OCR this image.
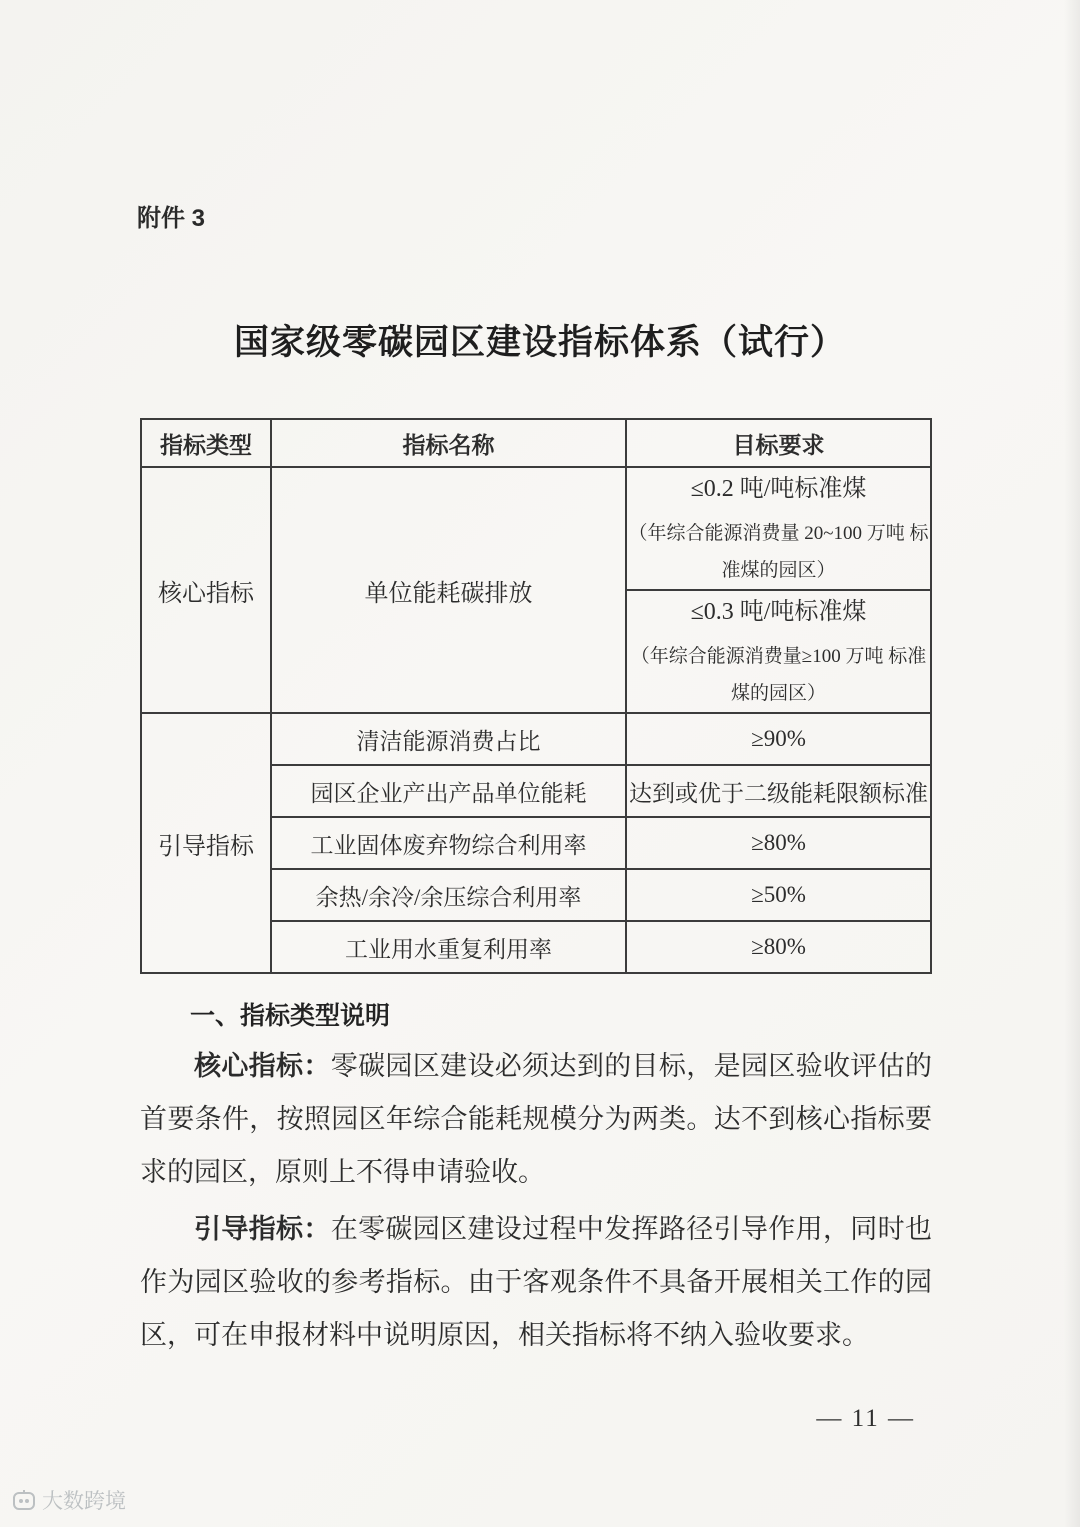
附件 3
国家级零碳园区建设指标体系（试行）
指标类型	指标名称	目标要求
核心指标	单位能耗碳排放	≤0.2 吨/吨标准煤
（年综合能源消费量 20~100 万吨 标准煤的园区）

		≤0.3 吨/吨标准煤
（年综合能源消费量≥100 万吨 标准煤的园区）

引导指标	清洁能源消费占比	≥90%
	园区企业产出产品单位能耗	达到或优于二级能耗限额标准
	工业固体废弃物综合利用率	≥80%
	余热/余冷/余压综合利用率	≥50%
	工业用水重复利用率	≥80%
一、指标类型说明

核心指标：零碳园区建设必须达到的目标，是园区验收评估的首要条件，按照园区年综合能耗规模分为两类。达不到核心指标要求的园区，原则上不得申请验收。

引导指标：在零碳园区建设过程中发挥路径引导作用，同时也作为园区验收的参考指标。由于客观条件不具备开展相关工作的园区，可在申报材料中说明原因，相关指标将不纳入验收要求。

— 11 —
大数跨境
